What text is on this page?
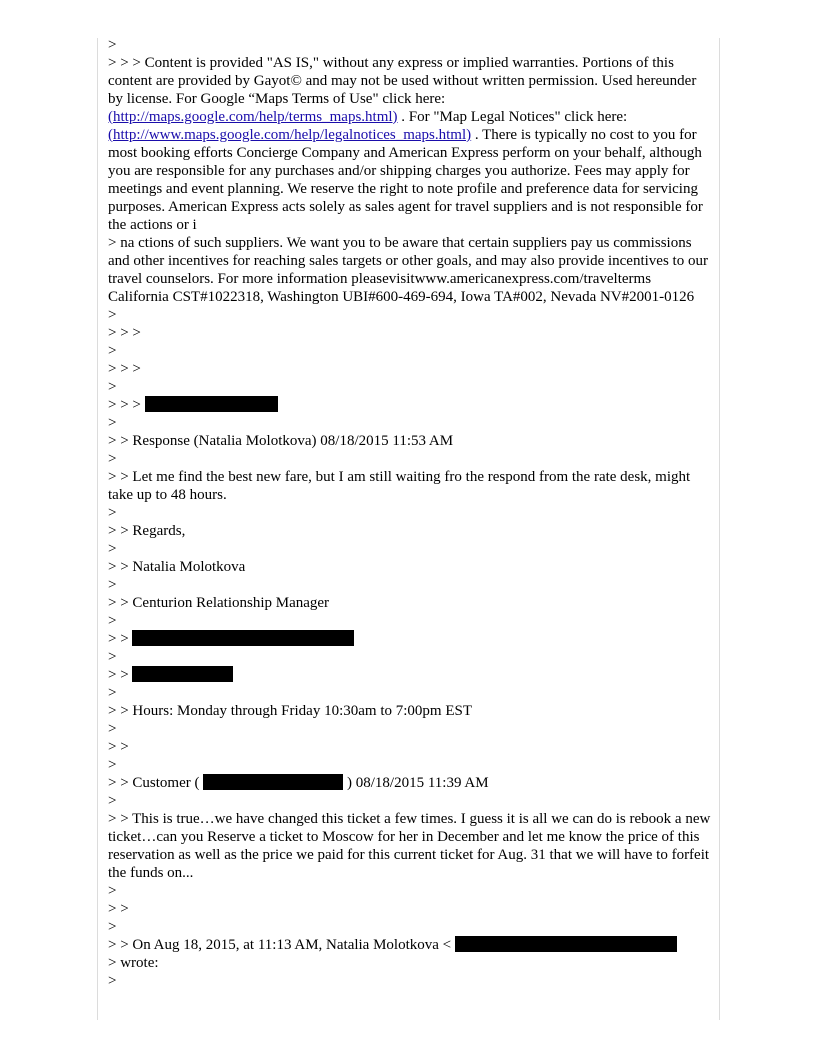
>
> > > Content is provided "AS IS," without any express or implied warranties. Portions of this content are provided by Gayot© and may not be used without written permission. Used hereunder by license. For Google “Maps Terms of Use" click here: (http://maps.google.com/help/terms_maps.html) . For "Map Legal Notices" click here: (http://www.maps.google.com/help/legalnotices_maps.html) . There is typically no cost to you for most booking efforts Concierge Company and American Express perform on your behalf, although you are responsible for any purchases and/or shipping charges you authorize. Fees may apply for meetings and event planning. We reserve the right to note profile and preference data for servicing purposes. American Express acts solely as sales agent for travel suppliers and is not responsible for the actions or i
> na ctions of such suppliers. We want you to be aware that certain suppliers pay us commissions and other incentives for reaching sales targets or other goals, and may also provide incentives to our travel counselors. For more information pleasevisitwww.americanexpress.com/travelterms California CST#1022318, Washington UBI#600-469-694, Iowa TA#002, Nevada NV#2001-0126
>
> > >
>
> > >
>
> > >
>
> > Response (Natalia Molotkova) 08/18/2015 11:53 AM
>
> > Let me find the best new fare, but I am still waiting fro the respond from the rate desk, might take up to 48 hours.
>
> > Regards,
>
> > Natalia Molotkova
>
> > Centurion Relationship Manager
>
> >
>
> >
>
> > Hours: Monday through Friday 10:30am to 7:00pm EST
>
> >
>
> > Customer (	) 08/18/2015 11:39 AM
>
> > This is true…we have changed this ticket a few times. I guess it is all we can do is rebook a new ticket…can you Reserve a ticket to Moscow for her in December and let me know the price of this reservation as well as the price we paid for this current ticket for Aug. 31 that we will have to forfeit the funds on...
>
> >
>
> > On Aug 18, 2015, at 11:13 AM, Natalia Molotkova <
> wrote:
>
